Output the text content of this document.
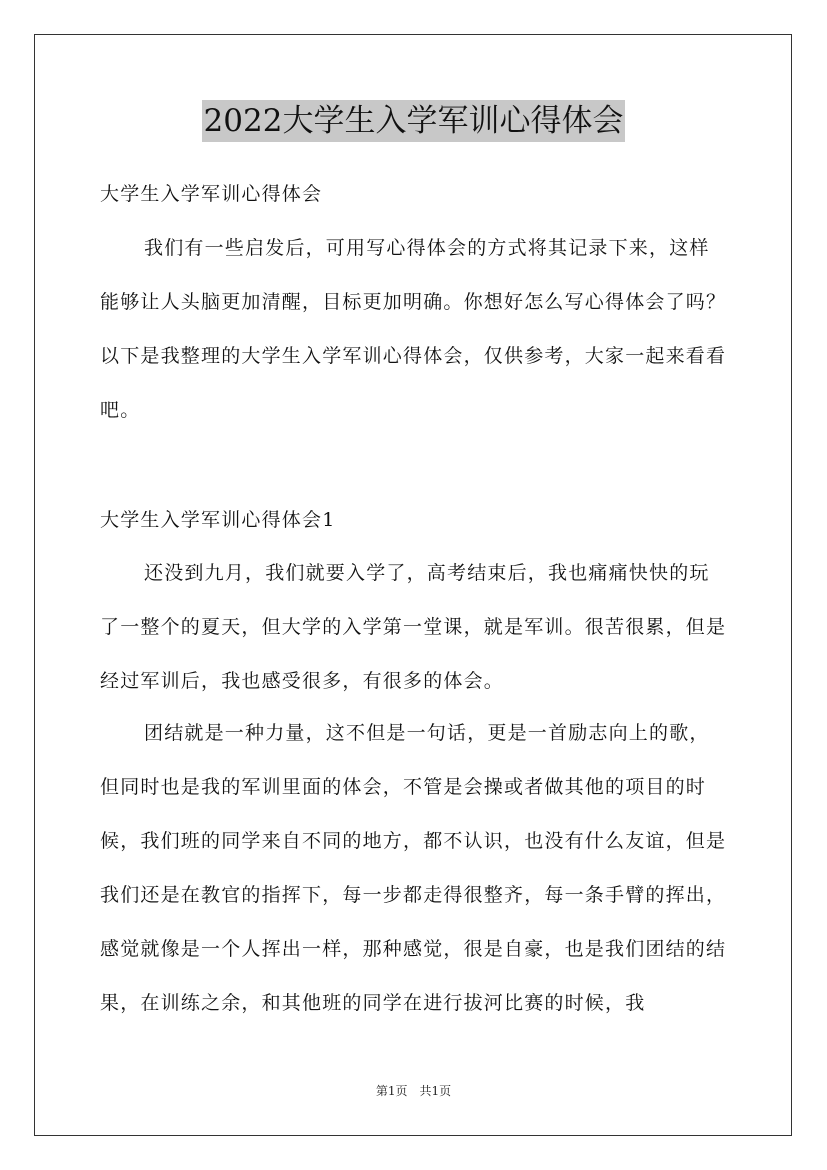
2022大学生入学军训心得体会

大学生入学军训心得体会

我们有一些启发后，可用写心得体会的方式将其记录下来，这样能够让人头脑更加清醒，目标更加明确。你想好怎么写心得体会了吗？以下是我整理的大学生入学军训心得体会，仅供参考，大家一起来看看吧。

大学生入学军训心得体会1

还没到九月，我们就要入学了，高考结束后，我也痛痛快快的玩了一整个的夏天，但大学的入学第一堂课，就是军训。很苦很累，但是经过军训后，我也感受很多，有很多的体会。

团结就是一种力量，这不但是一句话，更是一首励志向上的歌，但同时也是我的军训里面的体会，不管是会操或者做其他的项目的时候，我们班的同学来自不同的地方，都不认识，也没有什么友谊，但是我们还是在教官的指挥下，每一步都走得很整齐，每一条手臂的挥出，感觉就像是一个人挥出一样，那种感觉，很是自豪，也是我们团结的结果，在训练之余，和其他班的同学在进行拔河比赛的时候，我

第1页 共1页
